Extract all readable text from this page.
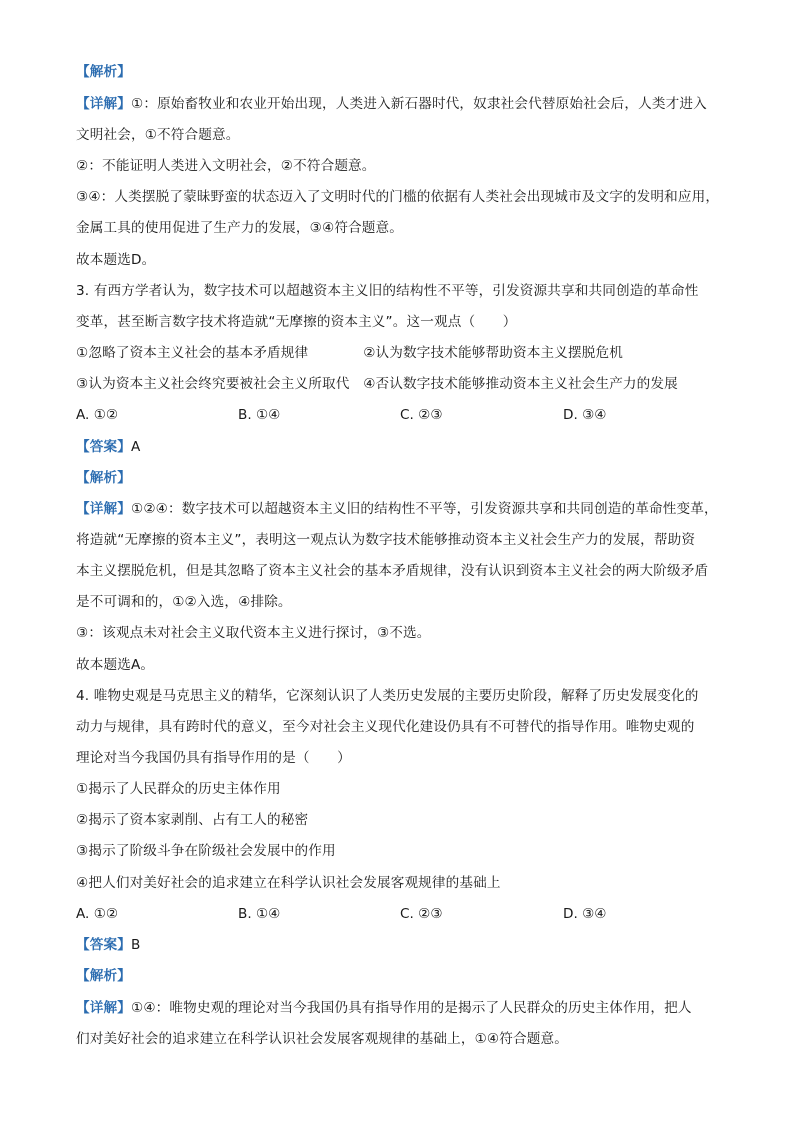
【解析】
【详解】①：原始畜牧业和农业开始出现，人类进入新石器时代，奴隶社会代替原始社会后，人类才进入
文明社会，①不符合题意。
②：不能证明人类进入文明社会，②不符合题意。
③④：人类摆脱了蒙昧野蛮的状态迈入了文明时代的门槛的依据有人类社会出现城市及文字的发明和应用，
金属工具的使用促进了生产力的发展，③④符合题意。
故本题选D。
3. 有西方学者认为，数字技术可以超越资本主义旧的结构性不平等，引发资源共享和共同创造的革命性
变革，甚至断言数字技术将造就“无摩擦的资本主义”。这一观点（　　）
①忽略了资本主义社会的基本矛盾规律　　　　②认为数字技术能够帮助资本主义摆脱危机
③认为资本主义社会终究要被社会主义所取代　④否认数字技术能够推动资本主义社会生产力的发展
A. ①②	B. ①④	C. ②③	D. ③④
【答案】A
【解析】
【详解】①②④：数字技术可以超越资本主义旧的结构性不平等，引发资源共享和共同创造的革命性变革，
将造就“无摩擦的资本主义”，表明这一观点认为数字技术能够推动资本主义社会生产力的发展，帮助资
本主义摆脱危机，但是其忽略了资本主义社会的基本矛盾规律，没有认识到资本主义社会的两大阶级矛盾
是不可调和的，①②入选，④排除。
③：该观点未对社会主义取代资本主义进行探讨，③不选。
故本题选A。
4. 唯物史观是马克思主义的精华，它深刻认识了人类历史发展的主要历史阶段，解释了历史发展变化的
动力与规律，具有跨时代的意义，至今对社会主义现代化建设仍具有不可替代的指导作用。唯物史观的
理论对当今我国仍具有指导作用的是（　　）
①揭示了人民群众的历史主体作用
②揭示了资本家剥削、占有工人的秘密
③揭示了阶级斗争在阶级社会发展中的作用
④把人们对美好社会的追求建立在科学认识社会发展客观规律的基础上
A. ①②	B. ①④	C. ②③	D. ③④
【答案】B
【解析】
【详解】①④：唯物史观的理论对当今我国仍具有指导作用的是揭示了人民群众的历史主体作用，把人
们对美好社会的追求建立在科学认识社会发展客观规律的基础上，①④符合题意。
